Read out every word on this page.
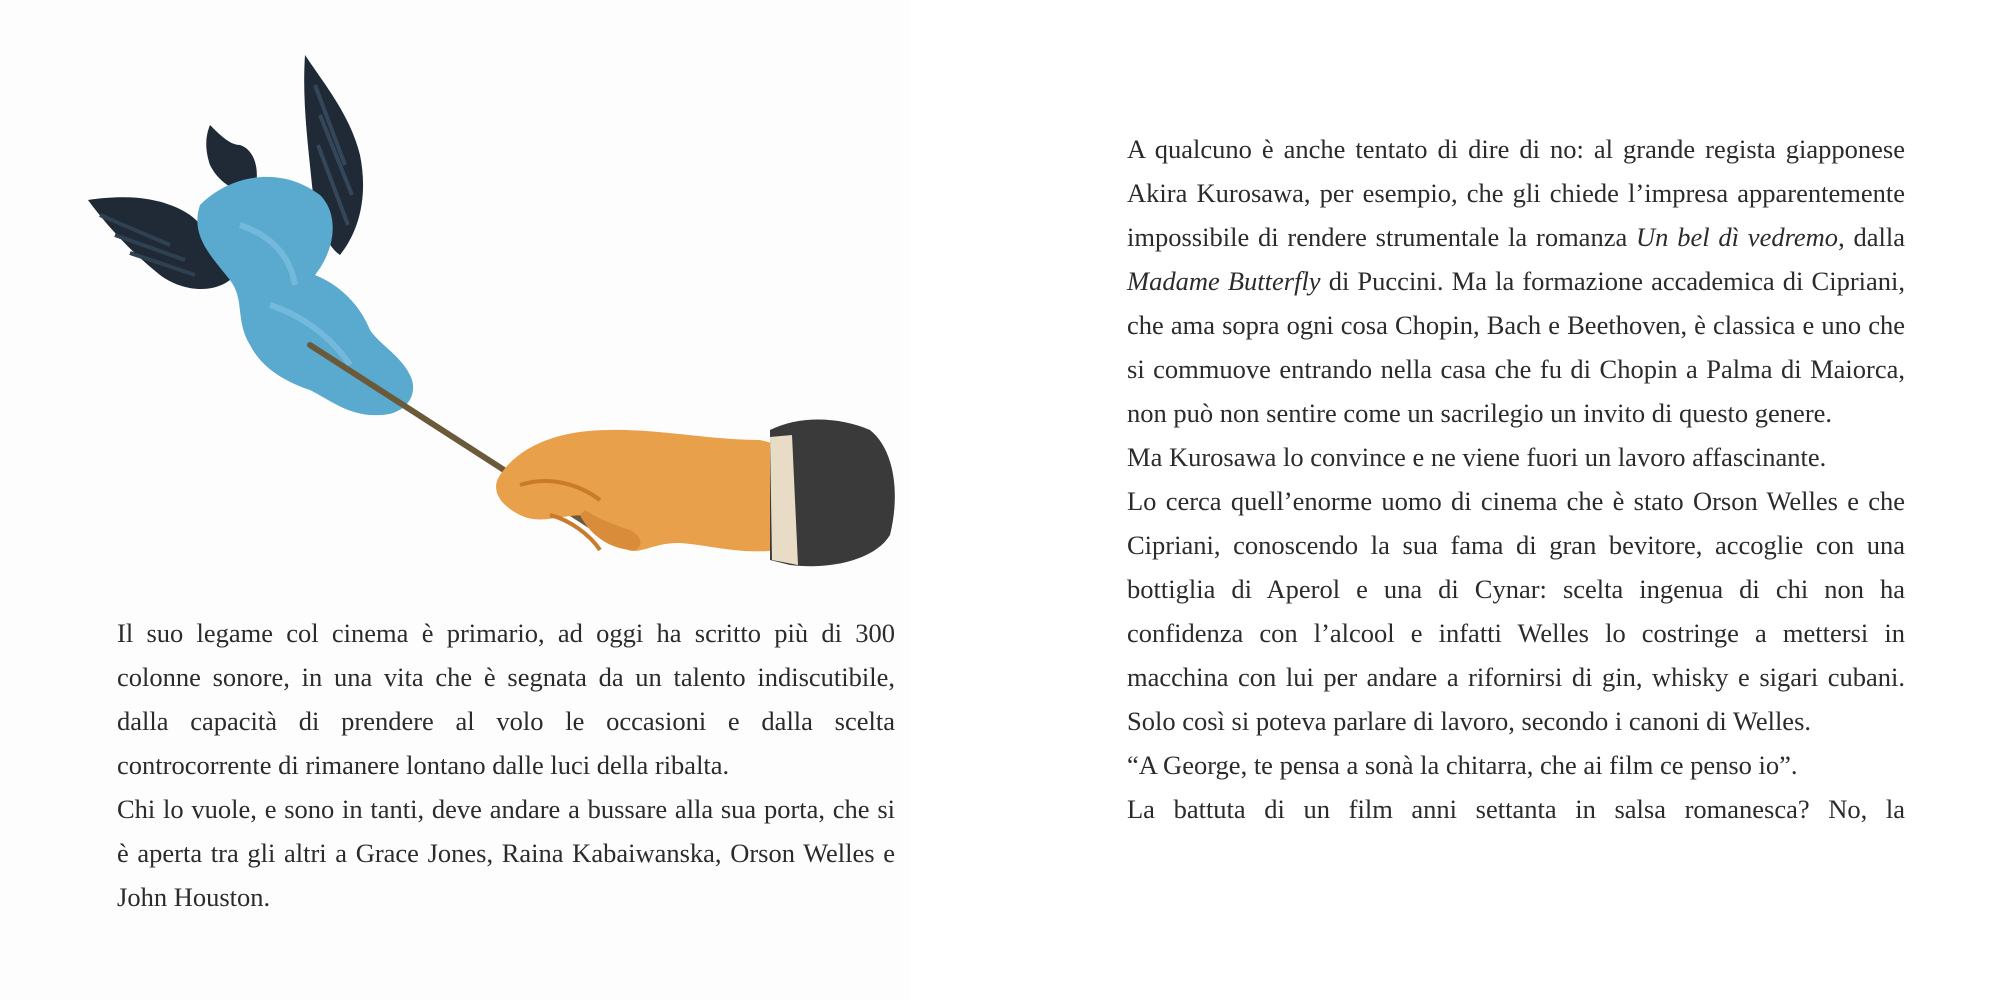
Il suo legame col cinema è primario, ad oggi ha scritto più di 300 colonne sonore, in una vita che è segnata da un talento indiscutibile, dalla capacità di prendere al volo le occasioni e dalla scelta controcorrente di rimanere lontano dalle luci della ribalta.

Chi lo vuole, e sono in tanti, deve andare a bussare alla sua porta, che si è aperta tra gli altri a Grace Jones, Raina Kabaiwanska, Orson Welles e John Houston.

A qualcuno è anche tentato di dire di no: al grande regista giapponese Akira Kurosawa, per esempio, che gli chiede l’impresa apparentemente impossibile di rendere strumentale la romanza Un bel dì vedremo, dalla Madame Butterfly di Puccini. Ma la formazione accademica di Cipriani, che ama sopra ogni cosa Chopin, Bach e Beethoven, è classica e uno che si commuove entrando nella casa che fu di Chopin a Palma di Maiorca, non può non sentire come un sacrilegio un invito di questo genere.

Ma Kurosawa lo convince e ne viene fuori un lavoro affascinante.

Lo cerca quell’enorme uomo di cinema che è stato Orson Welles e che Cipriani, conoscendo la sua fama di gran bevitore, accoglie con una bottiglia di Aperol e una di Cynar: scelta ingenua di chi non ha confidenza con l’alcool e infatti Welles lo costringe a mettersi in macchina con lui per andare a rifornirsi di gin, whisky e sigari cubani. Solo così si poteva parlare di lavoro, secondo i canoni di Welles.

“A George, te pensa a sonà la chitarra, che ai film ce penso io”.

La battuta di un film anni settanta in salsa romanesca? No, la
